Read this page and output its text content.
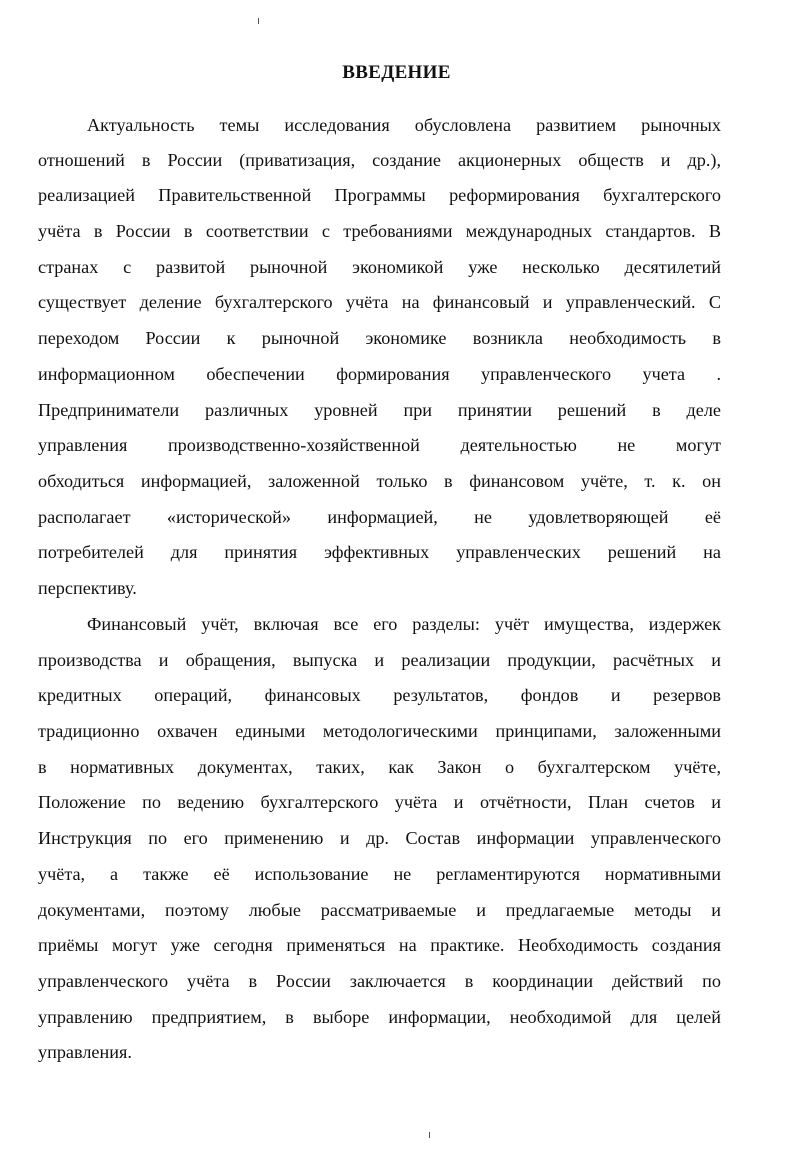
ВВЕДЕНИЕ
Актуальность темы исследования обусловлена развитием рыночных
отношений в России (приватизация, создание акционерных обществ и др.),
реализацией Правительственной Программы реформирования бухгалтерского
учёта в России в соответствии с требованиями международных стандартов. В
странах с развитой рыночной экономикой уже несколько десятилетий
существует деление бухгалтерского учёта на финансовый и управленческий. С
переходом России к рыночной экономике возникла необходимость в
информационном обеспечении формирования управленческого учета .
Предприниматели различных уровней при принятии решений в деле
управления производственно-хозяйственной деятельностью не могут
обходиться информацией, заложенной только в финансовом учёте, т. к. он
располагает «исторической» информацией, не удовлетворяющей её
потребителей для принятия эффективных управленческих решений на
перспективу.
Финансовый учёт, включая все его разделы: учёт имущества, издержек
производства и обращения, выпуска и реализации продукции, расчётных и
кредитных операций, финансовых результатов, фондов и резервов
традиционно охвачен едиными методологическими принципами, заложенными
в нормативных документах, таких, как Закон о бухгалтерском учёте,
Положение по ведению бухгалтерского учёта и отчётности, План счетов и
Инструкция по его применению и др. Состав информации управленческого
учёта, а также её использование не регламентируются нормативными
документами, поэтому любые рассматриваемые и предлагаемые методы и
приёмы могут уже сегодня применяться на практике. Необходимость создания
управленческого учёта в России заключается в координации действий по
управлению предприятием, в выборе информации, необходимой для целей
управления.
